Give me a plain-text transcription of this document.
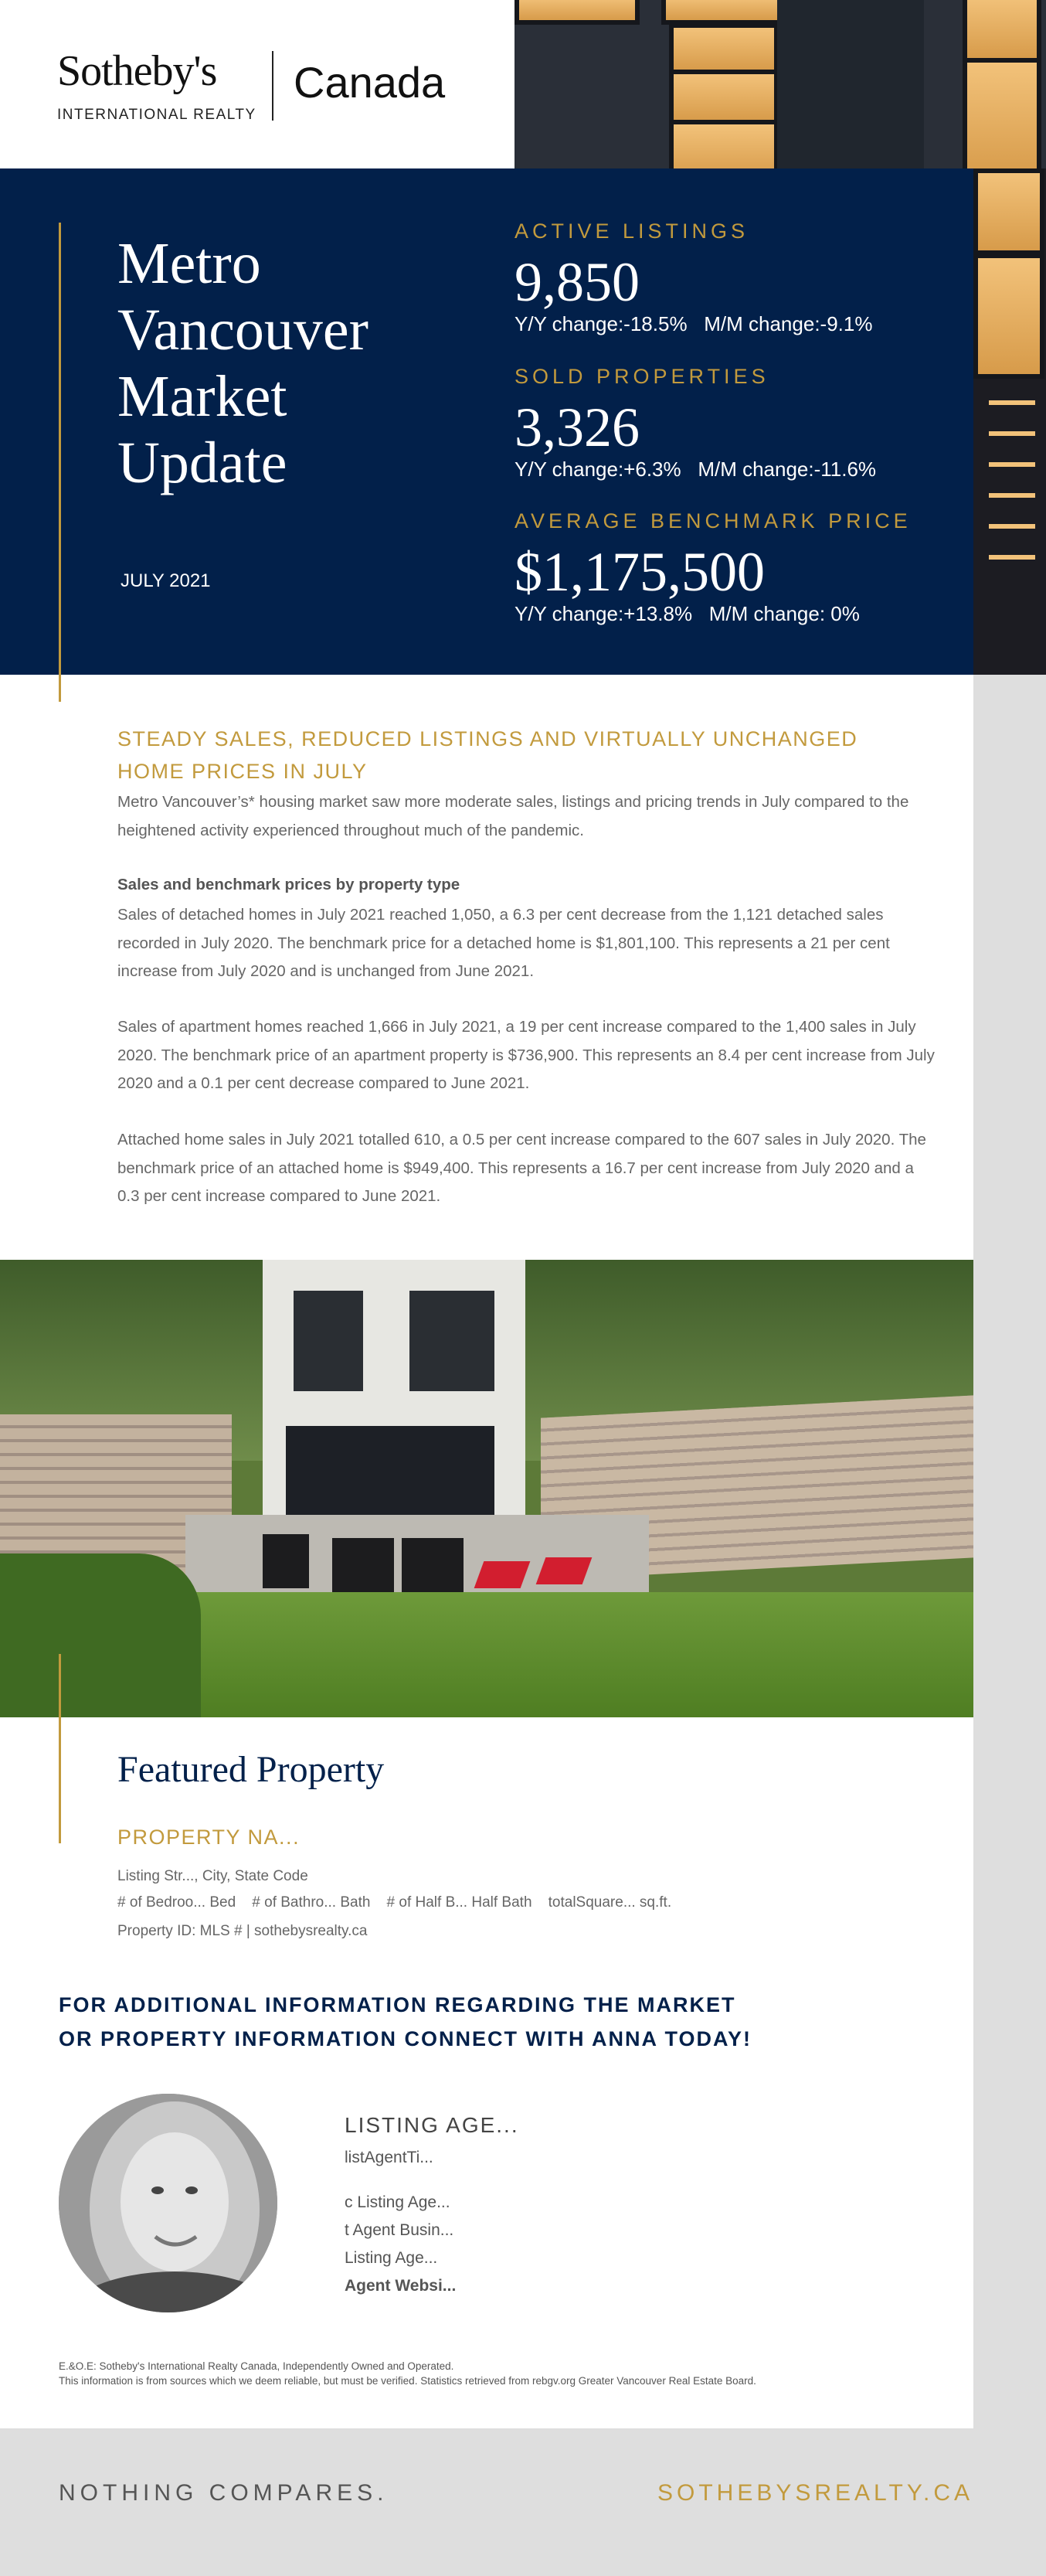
Sotheby's
INTERNATIONAL REALTY
Canada
Metro
Vancouver
Market
Update
JULY 2021
ACTIVE LISTINGS
9,850
Y/Y change:-18.5% M/M change:-9.1%
SOLD PROPERTIES
3,326
Y/Y change:+6.3% M/M change:-11.6%
AVERAGE BENCHMARK PRICE
$1,175,500
Y/Y change:+13.8% M/M change: 0%
STEADY SALES, REDUCED LISTINGS AND VIRTUALLY UNCHANGED HOME PRICES IN JULY
Metro Vancouver’s* housing market saw more moderate sales, listings and pricing trends in July compared to the heightened activity experienced throughout much of the pandemic.
Sales and benchmark prices by property type
Sales of detached homes in July 2021 reached 1,050, a 6.3 per cent decrease from the 1,121 detached sales recorded in July 2020. The benchmark price for a detached home is $1,801,100. This represents a 21 per cent increase from July 2020 and is unchanged from June 2021.
Sales of apartment homes reached 1,666 in July 2021, a 19 per cent increase compared to the 1,400 sales in July 2020. The benchmark price of an apartment property is $736,900. This represents an 8.4 per cent increase from July 2020 and a 0.1 per cent decrease compared to June 2021.
Attached home sales in July 2021 totalled 610, a 0.5 per cent increase compared to the 607 sales in July 2020. The benchmark price of an attached home is $949,400. This represents a 16.7 per cent increase from July 2020 and a 0.3 per cent increase compared to June 2021.
Featured Property
PROPERTY NA...
Listing Str..., City, State Code
# of Bedroo... Bed    # of Bathro... Bath    # of Half B... Half Bath    totalSquare... sq.ft.
Property ID: MLS # | sothebysrealty.ca
FOR ADDITIONAL INFORMATION REGARDING THE MARKET
OR PROPERTY INFORMATION CONNECT WITH ANNA TODAY!
LISTING AGE...
listAgentTi...
c Listing Age...
t Agent Busin...
Listing Age...
Agent Websi...
E.&O.E: Sotheby's International Realty Canada, Independently Owned and Operated.
This information is from sources which we deem reliable, but must be verified. Statistics retrieved from rebgv.org Greater Vancouver Real Estate Board.
NOTHING COMPARES.	SOTHEBYSREALTY.CA
